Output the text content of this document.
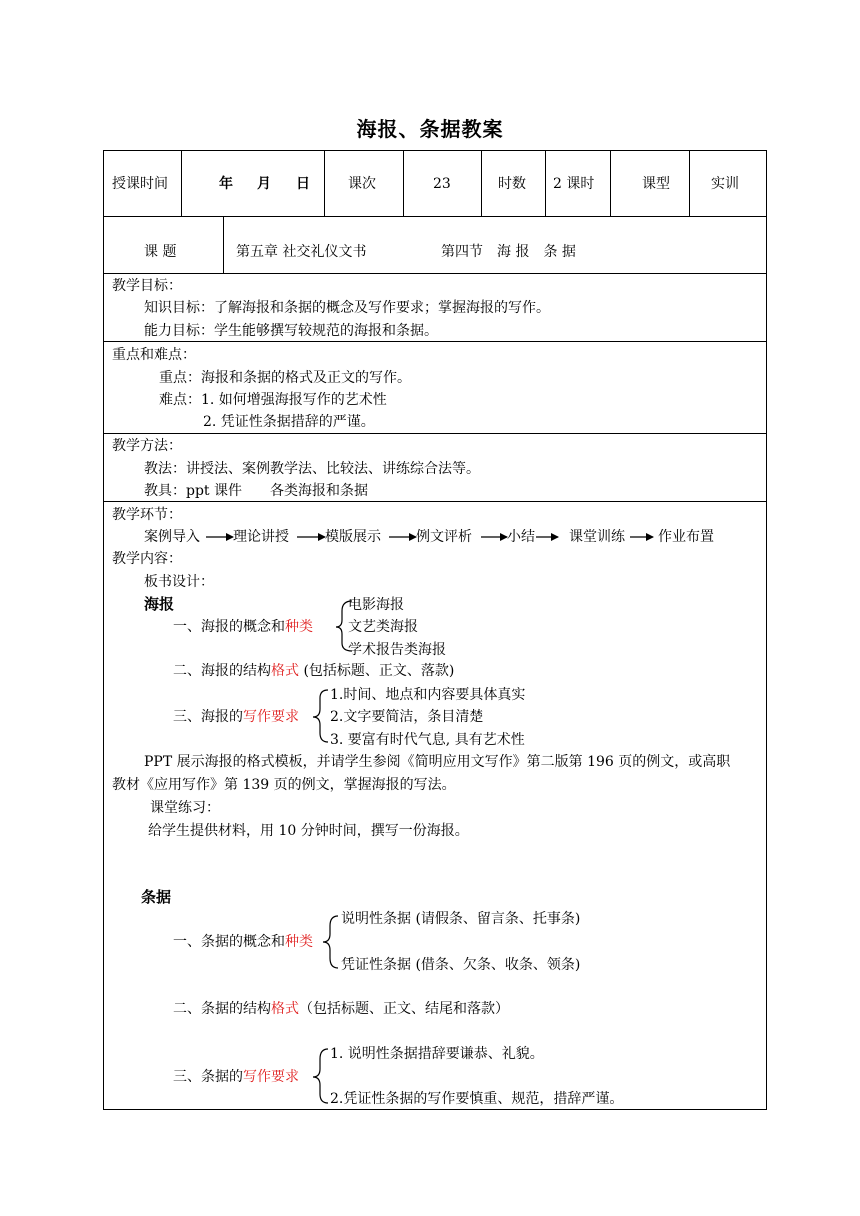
海报、条据教案
授课时间	年 月 日	课次	23	时数 2 课时	课型	实训
课 题	第五章 社交礼仪文书	第四节　海 报　条 据
教学目标：
知识目标：了解海报和条据的概念及写作要求；掌握海报的写作。
能力目标：学生能够撰写较规范的海报和条据。
重点和难点：
重点：海报和条据的格式及正文的写作。
难点：1. 如何增强海报写作的艺术性
2. 凭证性条据措辞的严谨。
教学方法：
教法：讲授法、案例教学法、比较法、讲练综合法等。
教具：ppt 课件　　各类海报和条据
教学环节：
案例导入 理论讲授	模版展示	例文评析	小结 课堂训练 作业布置
教学内容：
板书设计：
海报
一、海报的概念和种类
电影海报
文艺类海报
学术报告类海报
二、海报的结构格式 (包括标题、正文、落款)
三、海报的写作要求
1.时间、地点和内容要具体真实
2.文字要简洁，条目清楚
3. 要富有时代气息, 具有艺术性
PPT 展示海报的格式模板，并请学生参阅《简明应用文写作》第二版第 196 页的例文，或高职
教材《应用写作》第 139 页的例文，掌握海报的写法。
课堂练习：
给学生提供材料，用 10 分钟时间，撰写一份海报。
条据
一、条据的概念和种类
说明性条据 (请假条、留言条、托事条)
凭证性条据 (借条、欠条、收条、领条)
二、条据的结构格式（包括标题、正文、结尾和落款）
三、条据的写作要求
1. 说明性条据措辞要谦恭、礼貌。
2.凭证性条据的写作要慎重、规范，措辞严谨。
